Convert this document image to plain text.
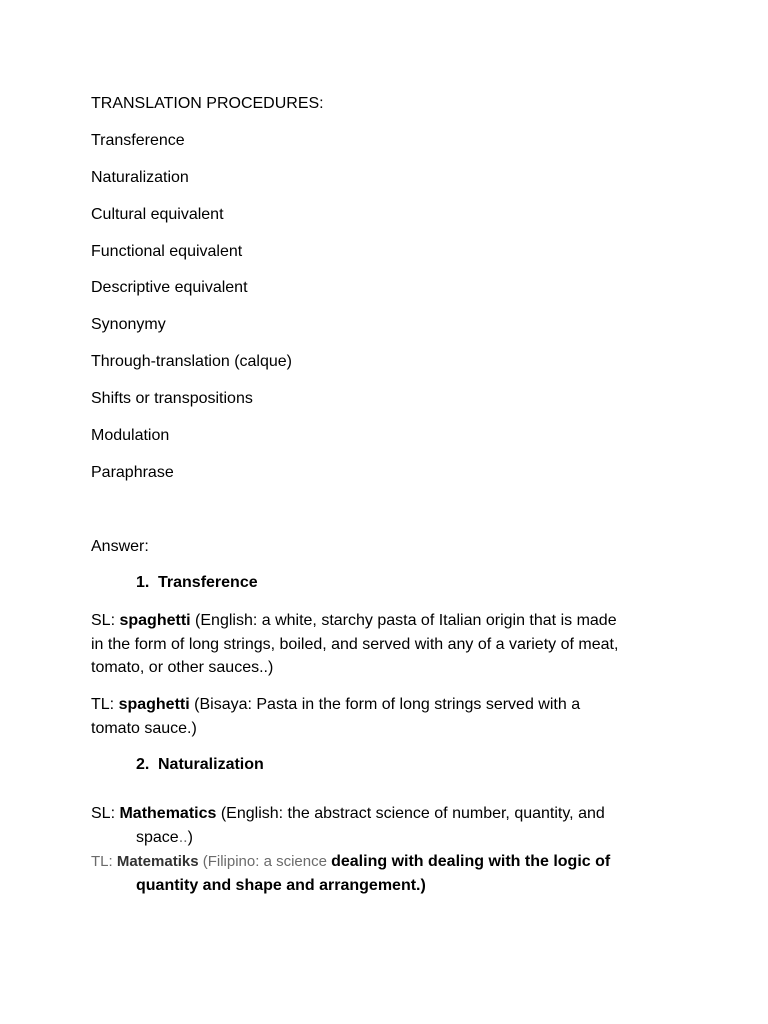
TRANSLATION PROCEDURES:
Transference
Naturalization
Cultural equivalent
Functional equivalent
Descriptive equivalent
Synonymy
Through-translation (calque)
Shifts or transpositions
Modulation
Paraphrase
Answer:
1. Transference
SL: spaghetti (English: a white, starchy pasta of Italian origin that is made
in the form of long strings, boiled, and served with any of a variety of meat,
tomato, or other sauces..)
TL: spaghetti (Bisaya: Pasta in the form of long strings served with a
tomato sauce.)
2. Naturalization
SL: Mathematics (English: the abstract science of number, quantity, and
space..)
TL: Matematiks (Filipino: a science dealing with dealing with the logic of
quantity and shape and arrangement.)
